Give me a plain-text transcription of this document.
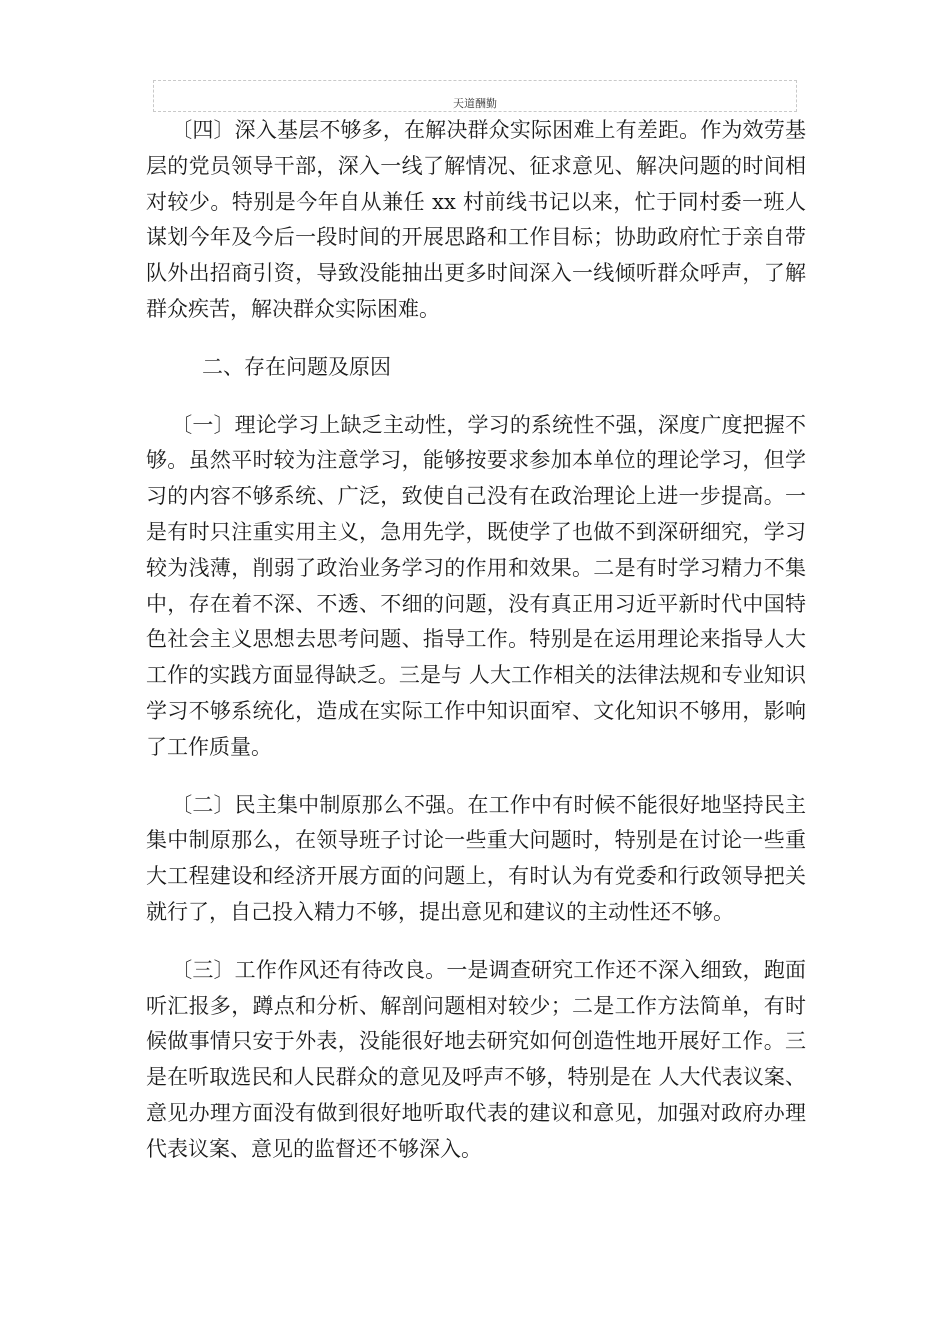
天道酬勤

〔四〕深入基层不够多，在解决群众实际困难上有差距。作为效劳基层的党员领导干部，深入一线了解情况、征求意见、解决问题的时间相对较少。特别是今年自从兼任 xx 村前线书记以来，忙于同村委一班人谋划今年及今后一段时间的开展思路和工作目标；协助政府忙于亲自带队外出招商引资，导致没能抽出更多时间深入一线倾听群众呼声，了解群众疾苦，解决群众实际困难。

二、存在问题及原因

〔一〕理论学习上缺乏主动性，学习的系统性不强，深度广度把握不够。虽然平时较为注意学习，能够按要求参加本单位的理论学习，但学习的内容不够系统、广泛，致使自己没有在政治理论上进一步提高。一是有时只注重实用主义，急用先学，既使学了也做不到深研细究，学习较为浅薄，削弱了政治业务学习的作用和效果。二是有时学习精力不集中，存在着不深、不透、不细的问题，没有真正用习近平新时代中国特色社会主义思想去思考问题、指导工作。特别是在运用理论来指导人大工作的实践方面显得缺乏。三是与 人大工作相关的法律法规和专业知识学习不够系统化，造成在实际工作中知识面窄、文化知识不够用，影响了工作质量。

〔二〕民主集中制原那么不强。在工作中有时候不能很好地坚持民主集中制原那么，在领导班子讨论一些重大问题时，特别是在讨论一些重大工程建设和经济开展方面的问题上，有时认为有党委和行政领导把关就行了，自己投入精力不够，提出意见和建议的主动性还不够。

〔三〕工作作风还有待改良。一是调查研究工作还不深入细致，跑面听汇报多，蹲点和分析、解剖问题相对较少；二是工作方法简单，有时候做事情只安于外表，没能很好地去研究如何创造性地开展好工作。三是在听取选民和人民群众的意见及呼声不够，特别是在 人大代表议案、意见办理方面没有做到很好地听取代表的建议和意见，加强对政府办理代表议案、意见的监督还不够深入。
